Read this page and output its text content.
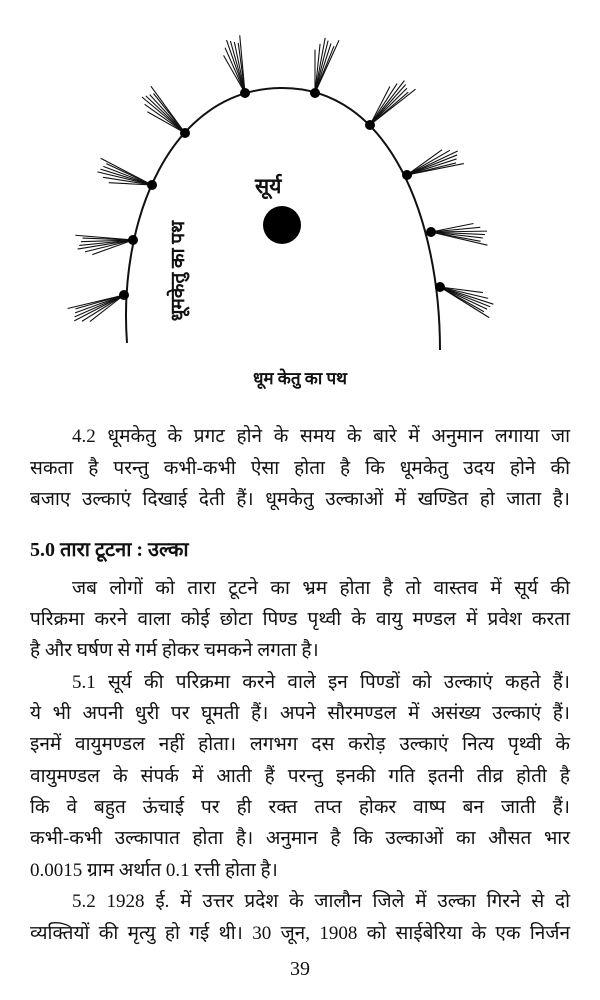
सूर्य
धूमकेतु का पथ
धूम केतु का पथ
4.2 धूमकेतु के प्रगट होने के समय के बारे में अनुमान लगाया जा
सकता है परन्तु कभी-कभी ऐसा होता है कि धूमकेतु उदय होने की
बजाए उल्काएं दिखाई देती हैं। धूमकेतु उल्काओं में खण्डित हो जाता है।
5.0 तारा टूटना : उल्का
जब लोगों को तारा टूटने का भ्रम होता है तो वास्तव में सूर्य की
परिक्रमा करने वाला कोई छोटा पिण्ड पृथ्वी के वायु मण्डल में प्रवेश करता
है और घर्षण से गर्म होकर चमकने लगता है।
5.1 सूर्य की परिक्रमा करने वाले इन पिण्डों को उल्काएं कहते हैं।
ये भी अपनी धुरी पर घूमती हैं। अपने सौरमण्डल में असंख्य उल्काएं हैं।
इनमें वायुमण्डल नहीं होता। लगभग दस करोड़ उल्काएं नित्य पृथ्वी के
वायुमण्डल के संपर्क में आती हैं परन्तु इनकी गति इतनी तीव्र होती है
कि वे बहुत ऊंचाई पर ही रक्त तप्त होकर वाष्प बन जाती हैं।
कभी-कभी उल्कापात होता है। अनुमान है कि उल्काओं का औसत भार
0.0015 ग्राम अर्थात 0.1 रत्ती होता है।
5.2 1928 ई. में उत्तर प्रदेश के जालौन जिले में उल्का गिरने से दो
व्यक्तियों की मृत्यु हो गई थी। 30 जून, 1908 को साईबेरिया के एक निर्जन
39
